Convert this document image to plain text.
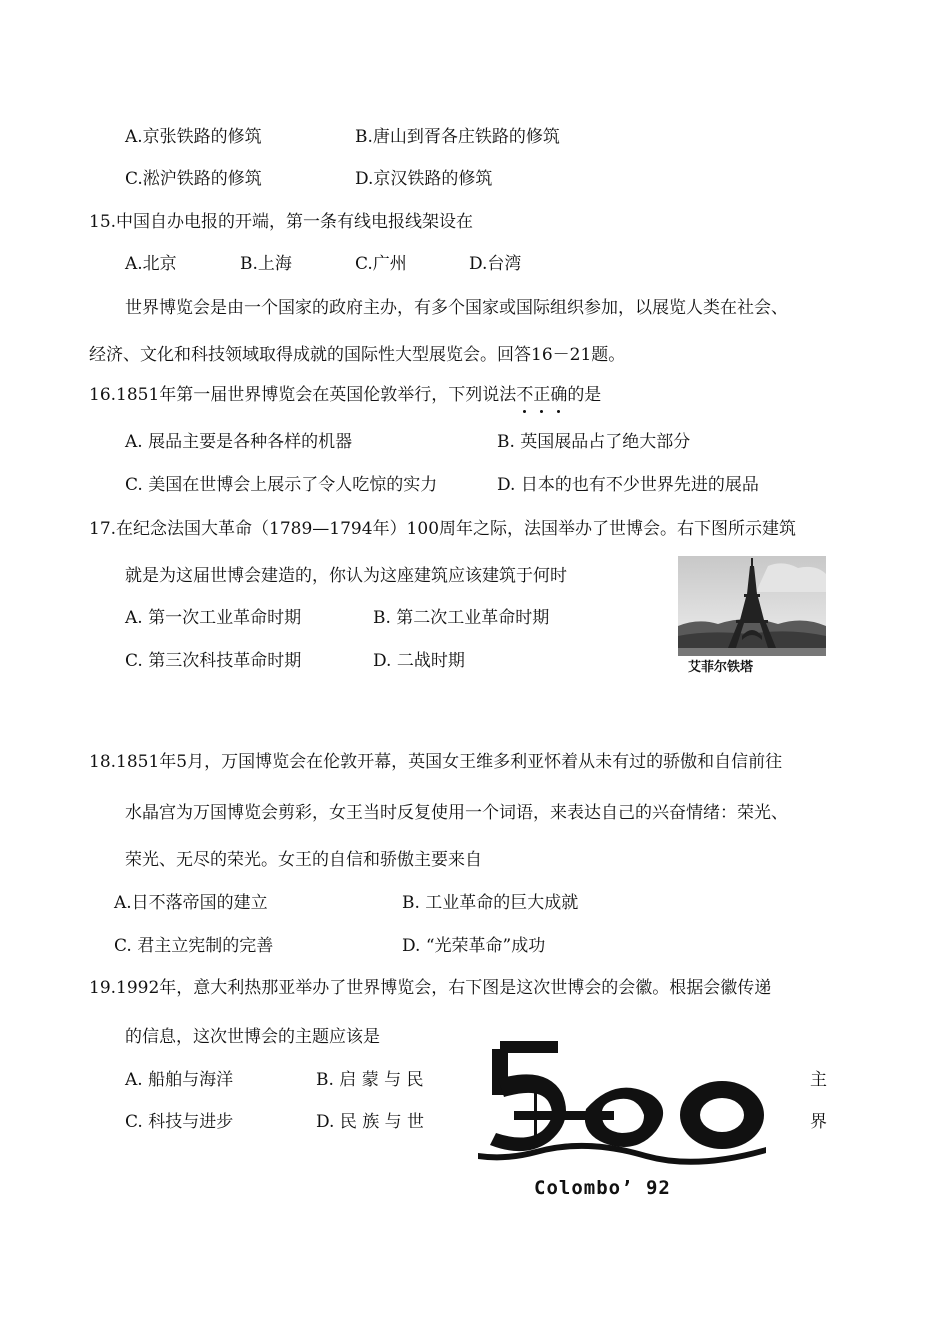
A.京张铁路的修筑	B.唐山到胥各庄铁路的修筑
C.淞沪铁路的修筑	D.京汉铁路的修筑
15.中国自办电报的开端，第一条有线电报线架设在
A.北京	B.上海	C.广州	D.台湾
世界博览会是由一个国家的政府主办，有多个国家或国际组织参加，以展览人类在社会、
经济、文化和科技领域取得成就的国际性大型展览会。回答16－21题。
16.1851年第一届世界博览会在英国伦敦举行，下列说法不正确的是
A. 展品主要是各种各样的机器	B. 英国展品占了绝大部分
C. 美国在世博会上展示了令人吃惊的实力	D. 日本的也有不少世界先进的展品
17.在纪念法国大革命（1789—1794年）100周年之际，法国举办了世博会。右下图所示建筑
就是为这届世博会建造的，你认为这座建筑应该建筑于何时
A. 第一次工业革命时期	B. 第二次工业革命时期
C. 第三次科技革命时期	D. 二战时期	艾菲尔铁塔
18.1851年5月，万国博览会在伦敦开幕，英国女王维多利亚怀着从未有过的骄傲和自信前往
水晶宫为万国博览会剪彩，女王当时反复使用一个词语，来表达自己的兴奋情绪：荣光、
荣光、无尽的荣光。女王的自信和骄傲主要来自
A.日不落帝国的建立	B. 工业革命的巨大成就
C. 君主立宪制的完善	D. “光荣革命”成功
19.1992年，意大利热那亚举办了世界博览会，右下图是这次世博会的会徽。根据会徽传递
的信息，这次世博会的主题应该是
A. 船舶与海洋	B. 启 蒙 与 民	主
C. 科技与进步	D. 民 族 与 世	界
Colombo’ 92
